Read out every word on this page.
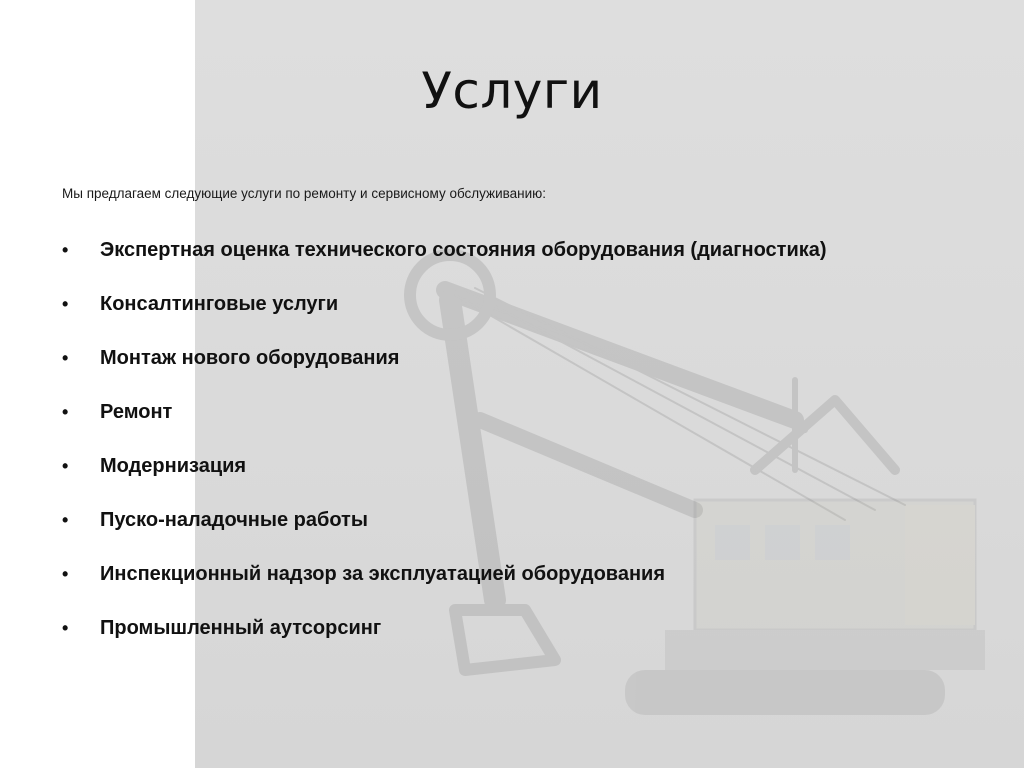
Услуги

Мы предлагаем следующие услуги по ремонту и сервисному обслуживанию:

•	Экспертная оценка технического состояния оборудования (диагностика)
•	Консалтинговые услуги
•	Монтаж нового оборудования
•	Ремонт
•	Модернизация
•	Пуско-наладочные работы
•	Инспекционный надзор за эксплуатацией оборудования
•	Промышленный аутсорсинг
